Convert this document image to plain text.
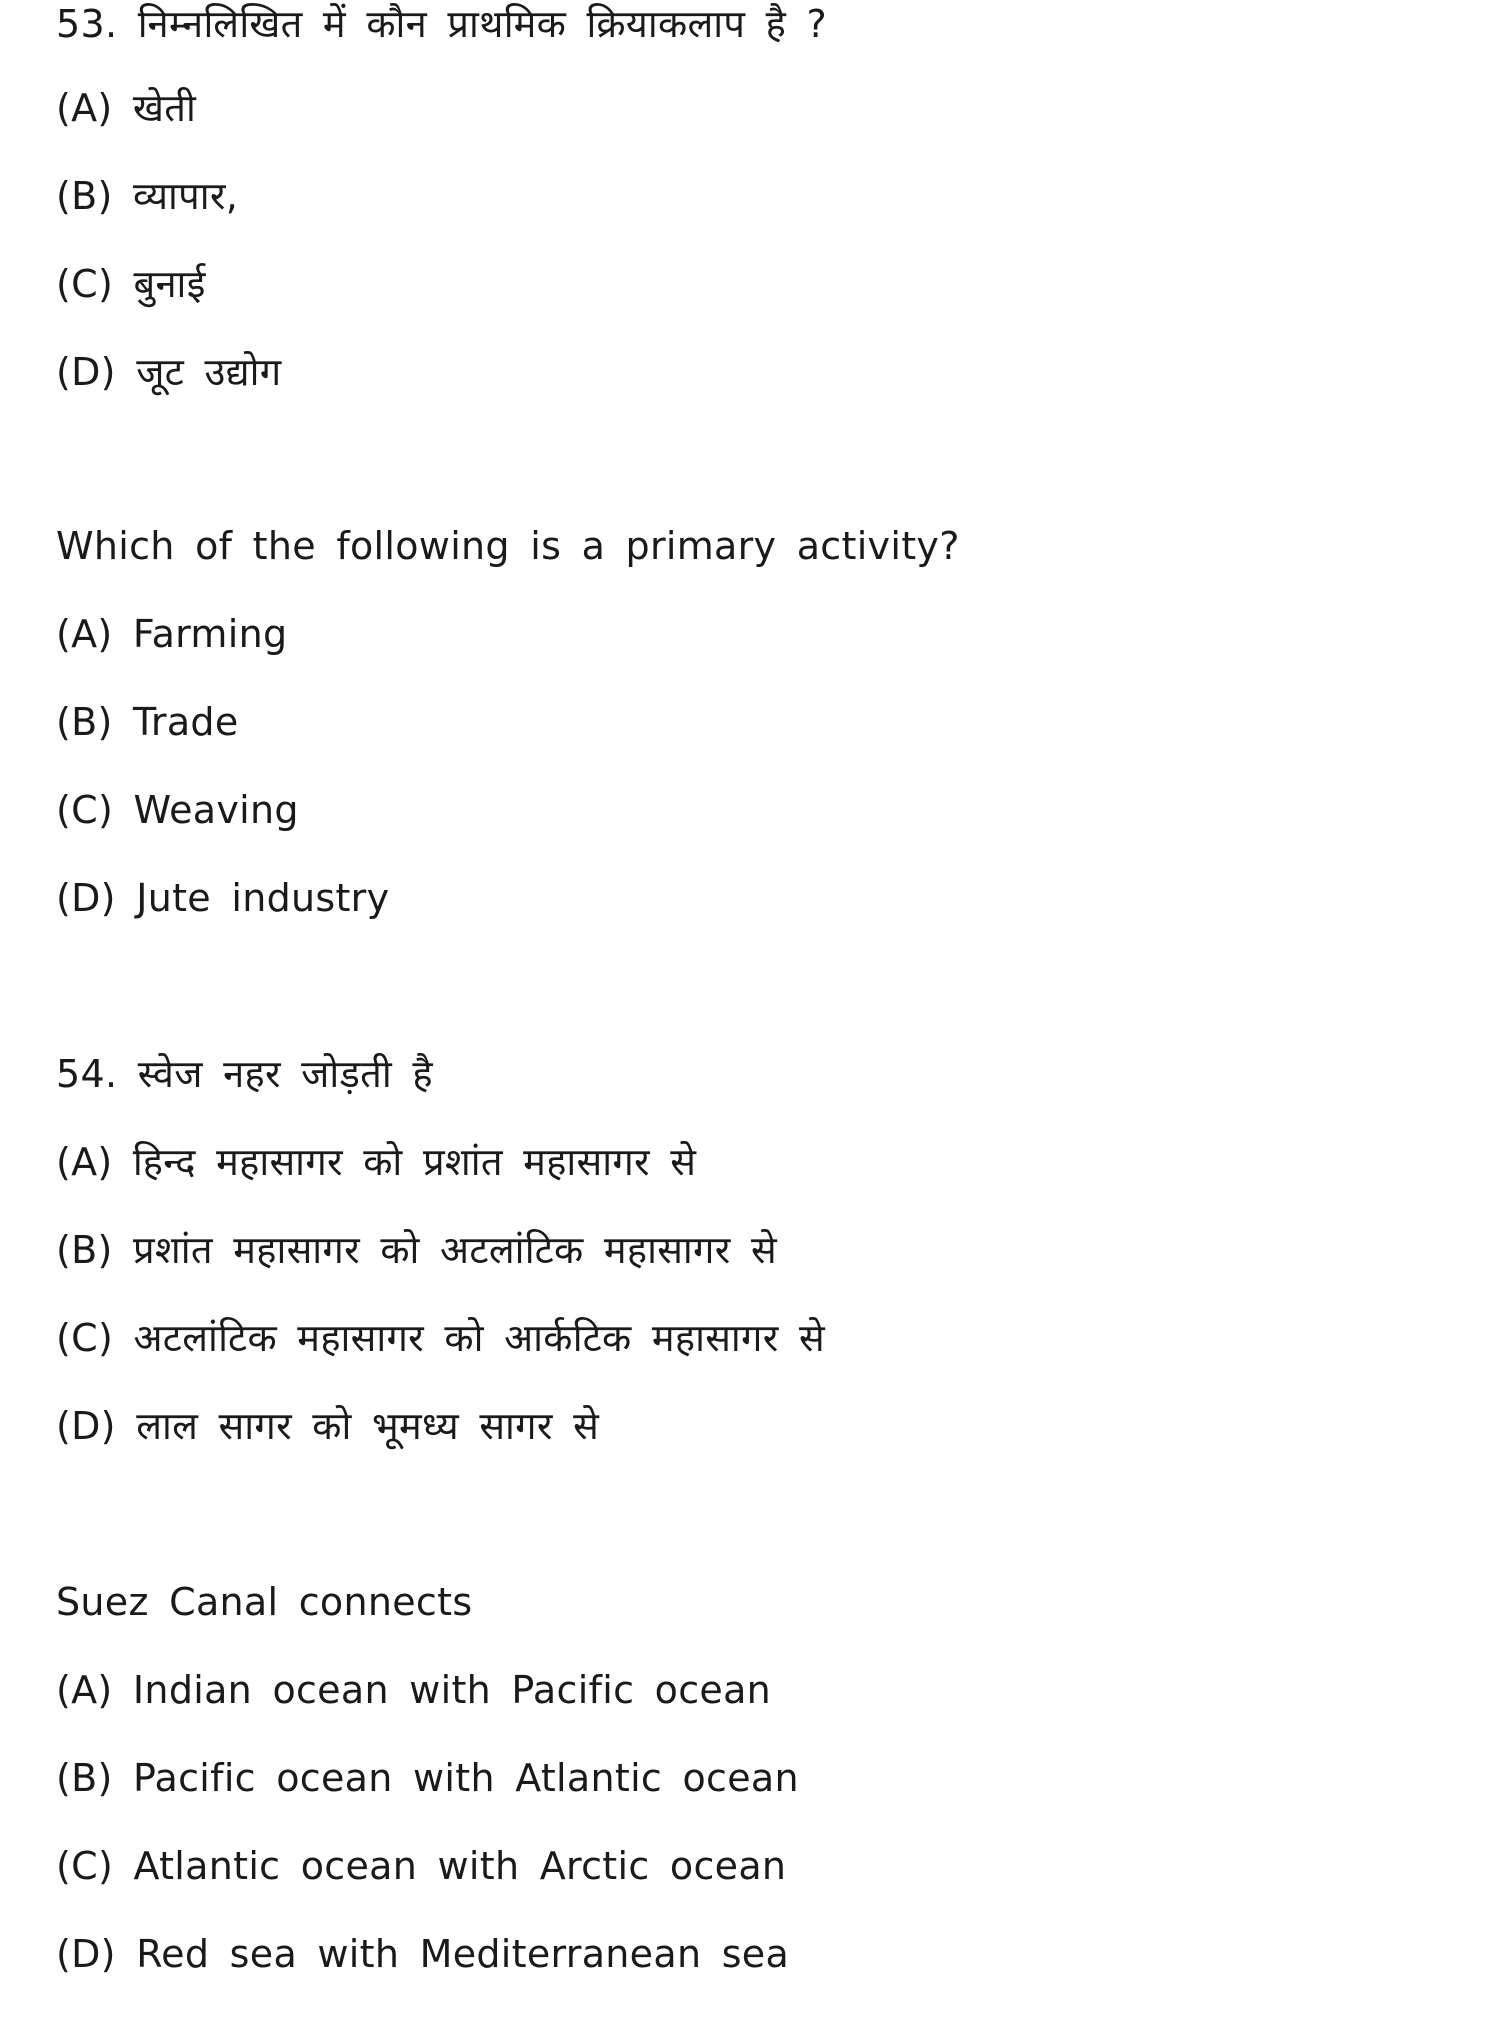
53. निम्नलिखित में कौन प्राथमिक क्रियाकलाप है ?
(A) खेती
(B) व्यापार,
(C) बुनाई
(D) जूट उद्योग
Which of the following is a primary activity?
(A) Farming
(B) Trade
(C) Weaving
(D) Jute industry
54. स्वेज नहर जोड़ती है
(A) हिन्द महासागर को प्रशांत महासागर से
(B) प्रशांत महासागर को अटलांटिक महासागर से
(C) अटलांटिक महासागर को आर्कटिक महासागर से
(D) लाल सागर को भूमध्य सागर से
Suez Canal connects
(A) Indian ocean with Pacific ocean
(B) Pacific ocean with Atlantic ocean
(C) Atlantic ocean with Arctic ocean
(D) Red sea with Mediterranean sea
